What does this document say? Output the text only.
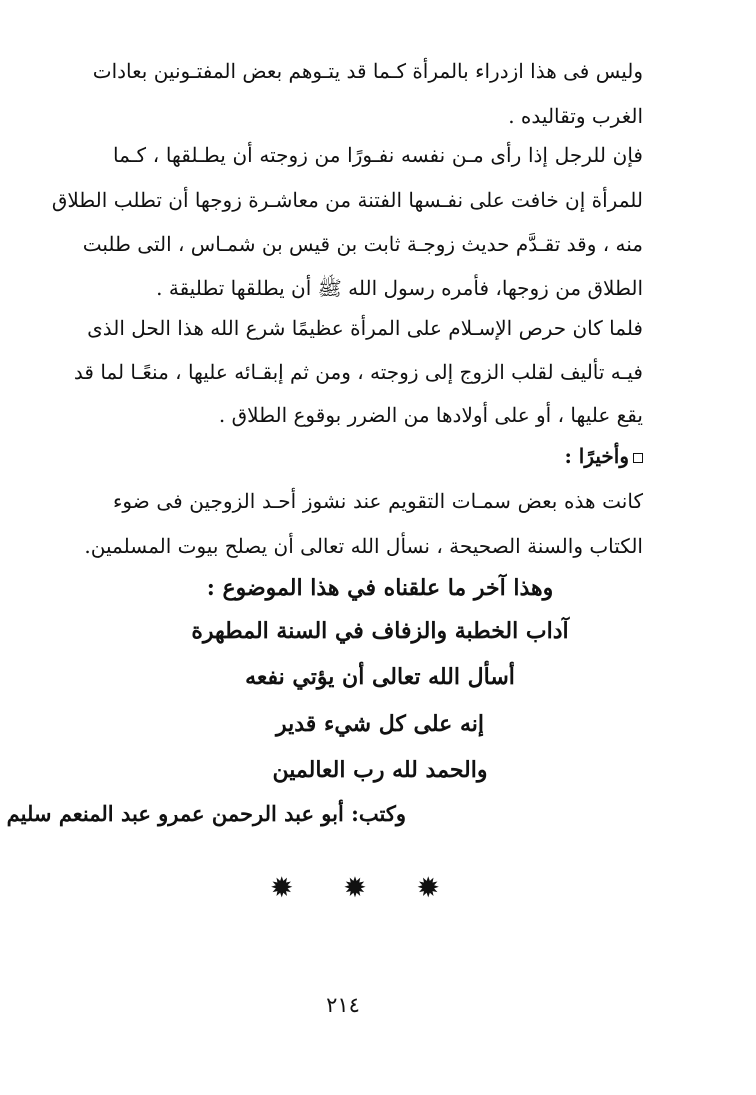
وليس فى هذا ازدراء بالمرأة كـما قد يتـوهم بعض المفتـونين بعادات
الغرب وتقاليده .
فإن للرجل إذا رأى مـن نفسه نفـورًا من زوجته أن يطـلقها ، كـما
للمرأة إن خافت على نفـسها الفتنة من معاشـرة زوجها أن تطلب الطلاق
منه ، وقد تقـدَّم حديث زوجـة ثابت بن قيس بن شمـاس ، التى طلبت
الطلاق من زوجها، فأمره رسول الله ﷺ أن يطلقها تطليقة .
فلما كان حرص الإسـلام على المرأة عظيمًا شرع الله هذا الحل الذى
فيـه تأليف لقلب الزوج إلى زوجته ، ومن ثم إبقـائه عليها ، منعًـا لما قد
يقع عليها ، أو على أولادها من الضرر بوقوع الطلاق .
وأخيرًا :
كانت هذه بعض سمـات التقويم عند نشوز أحـد الزوجين فى ضوء
الكتاب والسنة الصحيحة ، نسأل الله تعالى أن يصلح بيوت المسلمين.
وهذا آخر ما علقناه في هذا الموضوع :
آداب الخطبة والزفاف في السنة المطهرة
أسأل الله تعالى أن يؤتي نفعه
إنه على كل شيء قدير
والحمد لله رب العالمين
وكتب: أبو عبد الرحمن عمرو عبد المنعم سليم
✹ ✹ ✹
٢١٤
